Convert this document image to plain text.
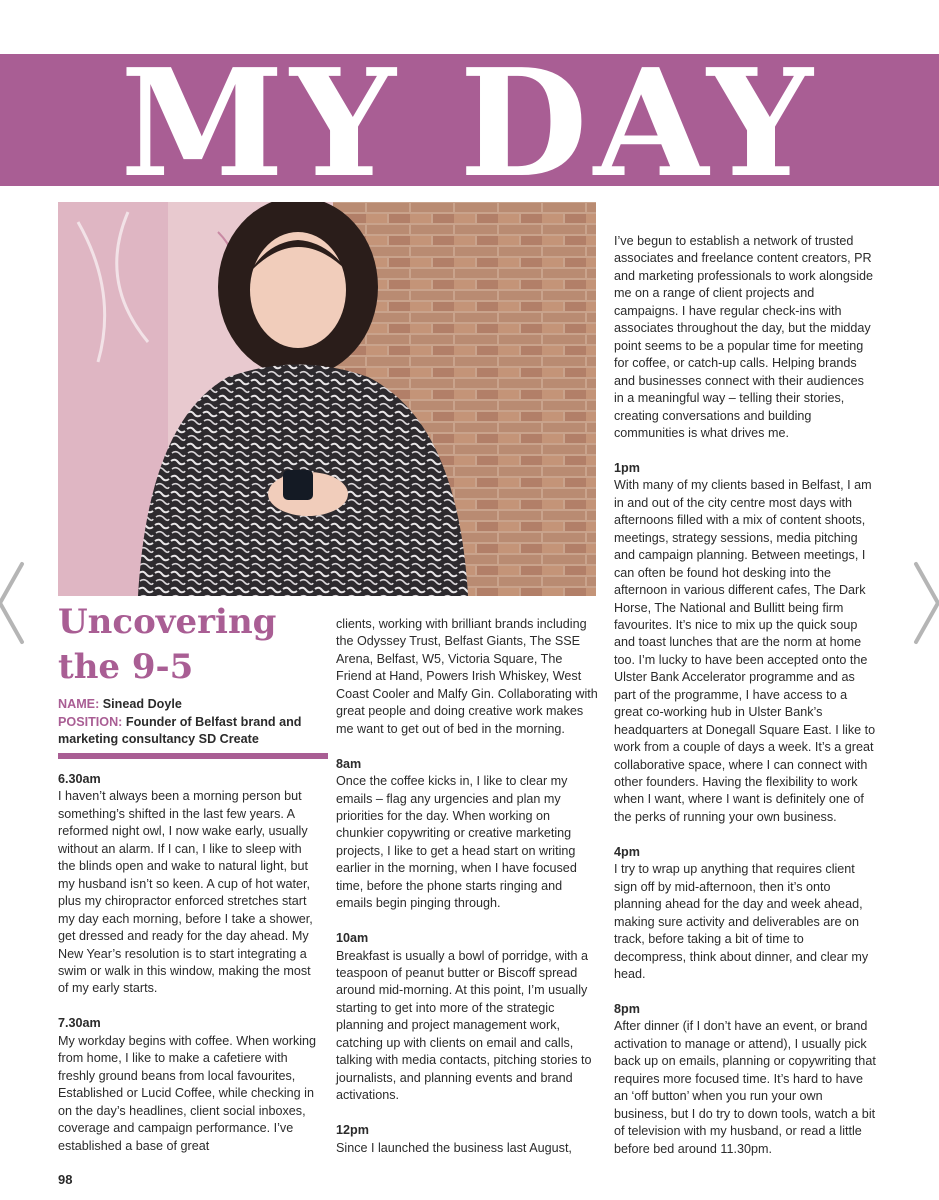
MY DAY
Uncovering
the 9-5
NAME: Sinead Doyle
POSITION: Founder of Belfast brand and marketing consultancy SD Create

6.30am

I haven’t always been a morning person but something’s shifted in the last few years. A reformed night owl, I now wake early, usually without an alarm. If I can, I like to sleep with the blinds open and wake to natural light, but my husband isn’t so keen. A cup of hot water, plus my chiropractor enforced stretches start my day each morning, before I take a shower, get dressed and ready for the day ahead. My New Year’s resolution is to start integrating a swim or walk in this window, making the most of my early starts.

7.30am

My workday begins with coffee. When working from home, I like to make a cafetiere with freshly ground beans from local favourites, Established or Lucid Coffee, while checking in on the day’s headlines, client social inboxes, coverage and campaign performance. I’ve established a base of great

clients, working with brilliant brands including the Odyssey Trust, Belfast Giants, The SSE Arena, Belfast, W5, Victoria Square, The Friend at Hand, Powers Irish Whiskey, West Coast Cooler and Malfy Gin. Collaborating with great people and doing creative work makes me want to get out of bed in the morning.

8am

Once the coffee kicks in, I like to clear my emails – flag any urgencies and plan my priorities for the day. When working on chunkier copywriting or creative marketing projects, I like to get a head start on writing earlier in the morning, when I have focused time, before the phone starts ringing and emails begin pinging through.

10am

Breakfast is usually a bowl of porridge, with a teaspoon of peanut butter or Biscoff spread around mid-morning. At this point, I’m usually starting to get into more of the strategic planning and project management work, catching up with clients on email and calls, talking with media contacts, pitching stories to journalists, and planning events and brand activations.

12pm

Since I launched the business last August,

I’ve begun to establish a network of trusted associates and freelance content creators, PR and marketing professionals to work alongside me on a range of client projects and campaigns. I have regular check-ins with associates throughout the day, but the midday point seems to be a popular time for meeting for coffee, or catch-up calls. Helping brands and businesses connect with their audiences in a meaningful way – telling their stories, creating conversations and building communities is what drives me.

1pm

With many of my clients based in Belfast, I am in and out of the city centre most days with afternoons filled with a mix of content shoots, meetings, strategy sessions, media pitching and campaign planning. Between meetings, I can often be found hot desking into the afternoon in various different cafes, The Dark Horse, The National and Bullitt being firm favourites. It’s nice to mix up the quick soup and toast lunches that are the norm at home too. I’m lucky to have been accepted onto the Ulster Bank Accelerator programme and as part of the programme, I have access to a great co-working hub in Ulster Bank’s headquarters at Donegall Square East. I like to work from a couple of days a week. It’s a great collaborative space, where I can connect with other founders. Having the flexibility to work when I want, where I want is definitely one of the perks of running your own business.

4pm

I try to wrap up anything that requires client sign off by mid-afternoon, then it’s onto planning ahead for the day and week ahead, making sure activity and deliverables are on track, before taking a bit of time to decompress, think about dinner, and clear my head.

8pm

After dinner (if I don’t have an event, or brand activation to manage or attend), I usually pick back up on emails, planning or copywriting that requires more focused time. It’s hard to have an ‘off button’ when you run your own business, but I do try to down tools, watch a bit of television with my husband, or read a little before bed around 11.30pm.

98
